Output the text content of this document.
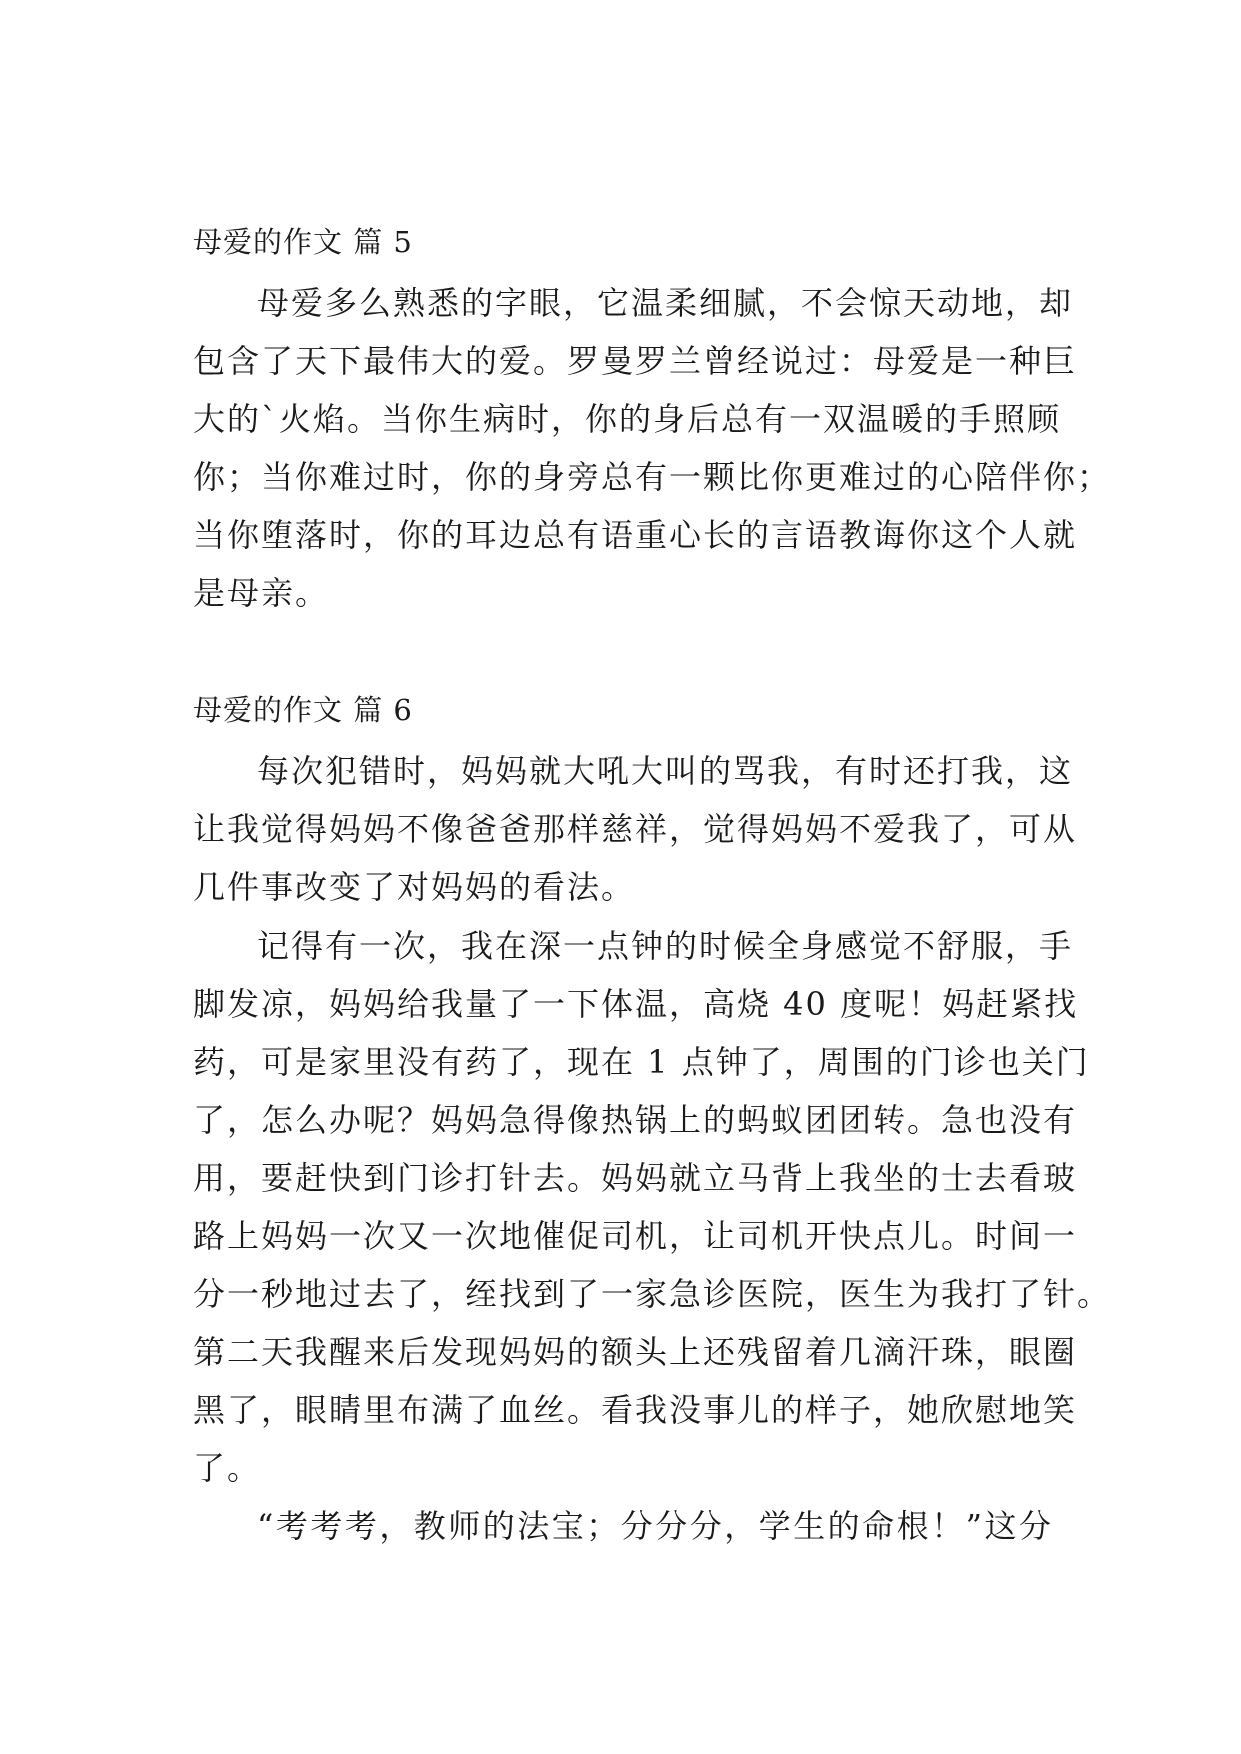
母爱的作文 篇 5
母爱多么熟悉的字眼，它温柔细腻，不会惊天动地，却
包含了天下最伟大的爱。罗曼罗兰曾经说过：母爱是一种巨
大的`火焰。当你生病时，你的身后总有一双温暖的手照顾
你；当你难过时，你的身旁总有一颗比你更难过的心陪伴你；
当你堕落时，你的耳边总有语重心长的言语教诲你这个人就
是母亲。
母爱的作文 篇 6
每次犯错时，妈妈就大吼大叫的骂我，有时还打我，这
让我觉得妈妈不像爸爸那样慈祥，觉得妈妈不爱我了，可从
几件事改变了对妈妈的看法。
记得有一次，我在深一点钟的时候全身感觉不舒服，手
脚发凉，妈妈给我量了一下体温，高烧 40 度呢！妈赶紧找
药，可是家里没有药了，现在 1 点钟了，周围的门诊也关门
了，怎么办呢？妈妈急得像热锅上的蚂蚁团团转。急也没有
用，要赶快到门诊打针去。妈妈就立马背上我坐的士去看玻
路上妈妈一次又一次地催促司机，让司机开快点儿。时间一
分一秒地过去了，绖找到了一家急诊医院，医生为我打了针。
第二天我醒来后发现妈妈的额头上还残留着几滴汗珠，眼圈
黑了，眼睛里布满了血丝。看我没事儿的样子，她欣慰地笑
了。
“考考考，教师的法宝；分分分，学生的命根！”这分
